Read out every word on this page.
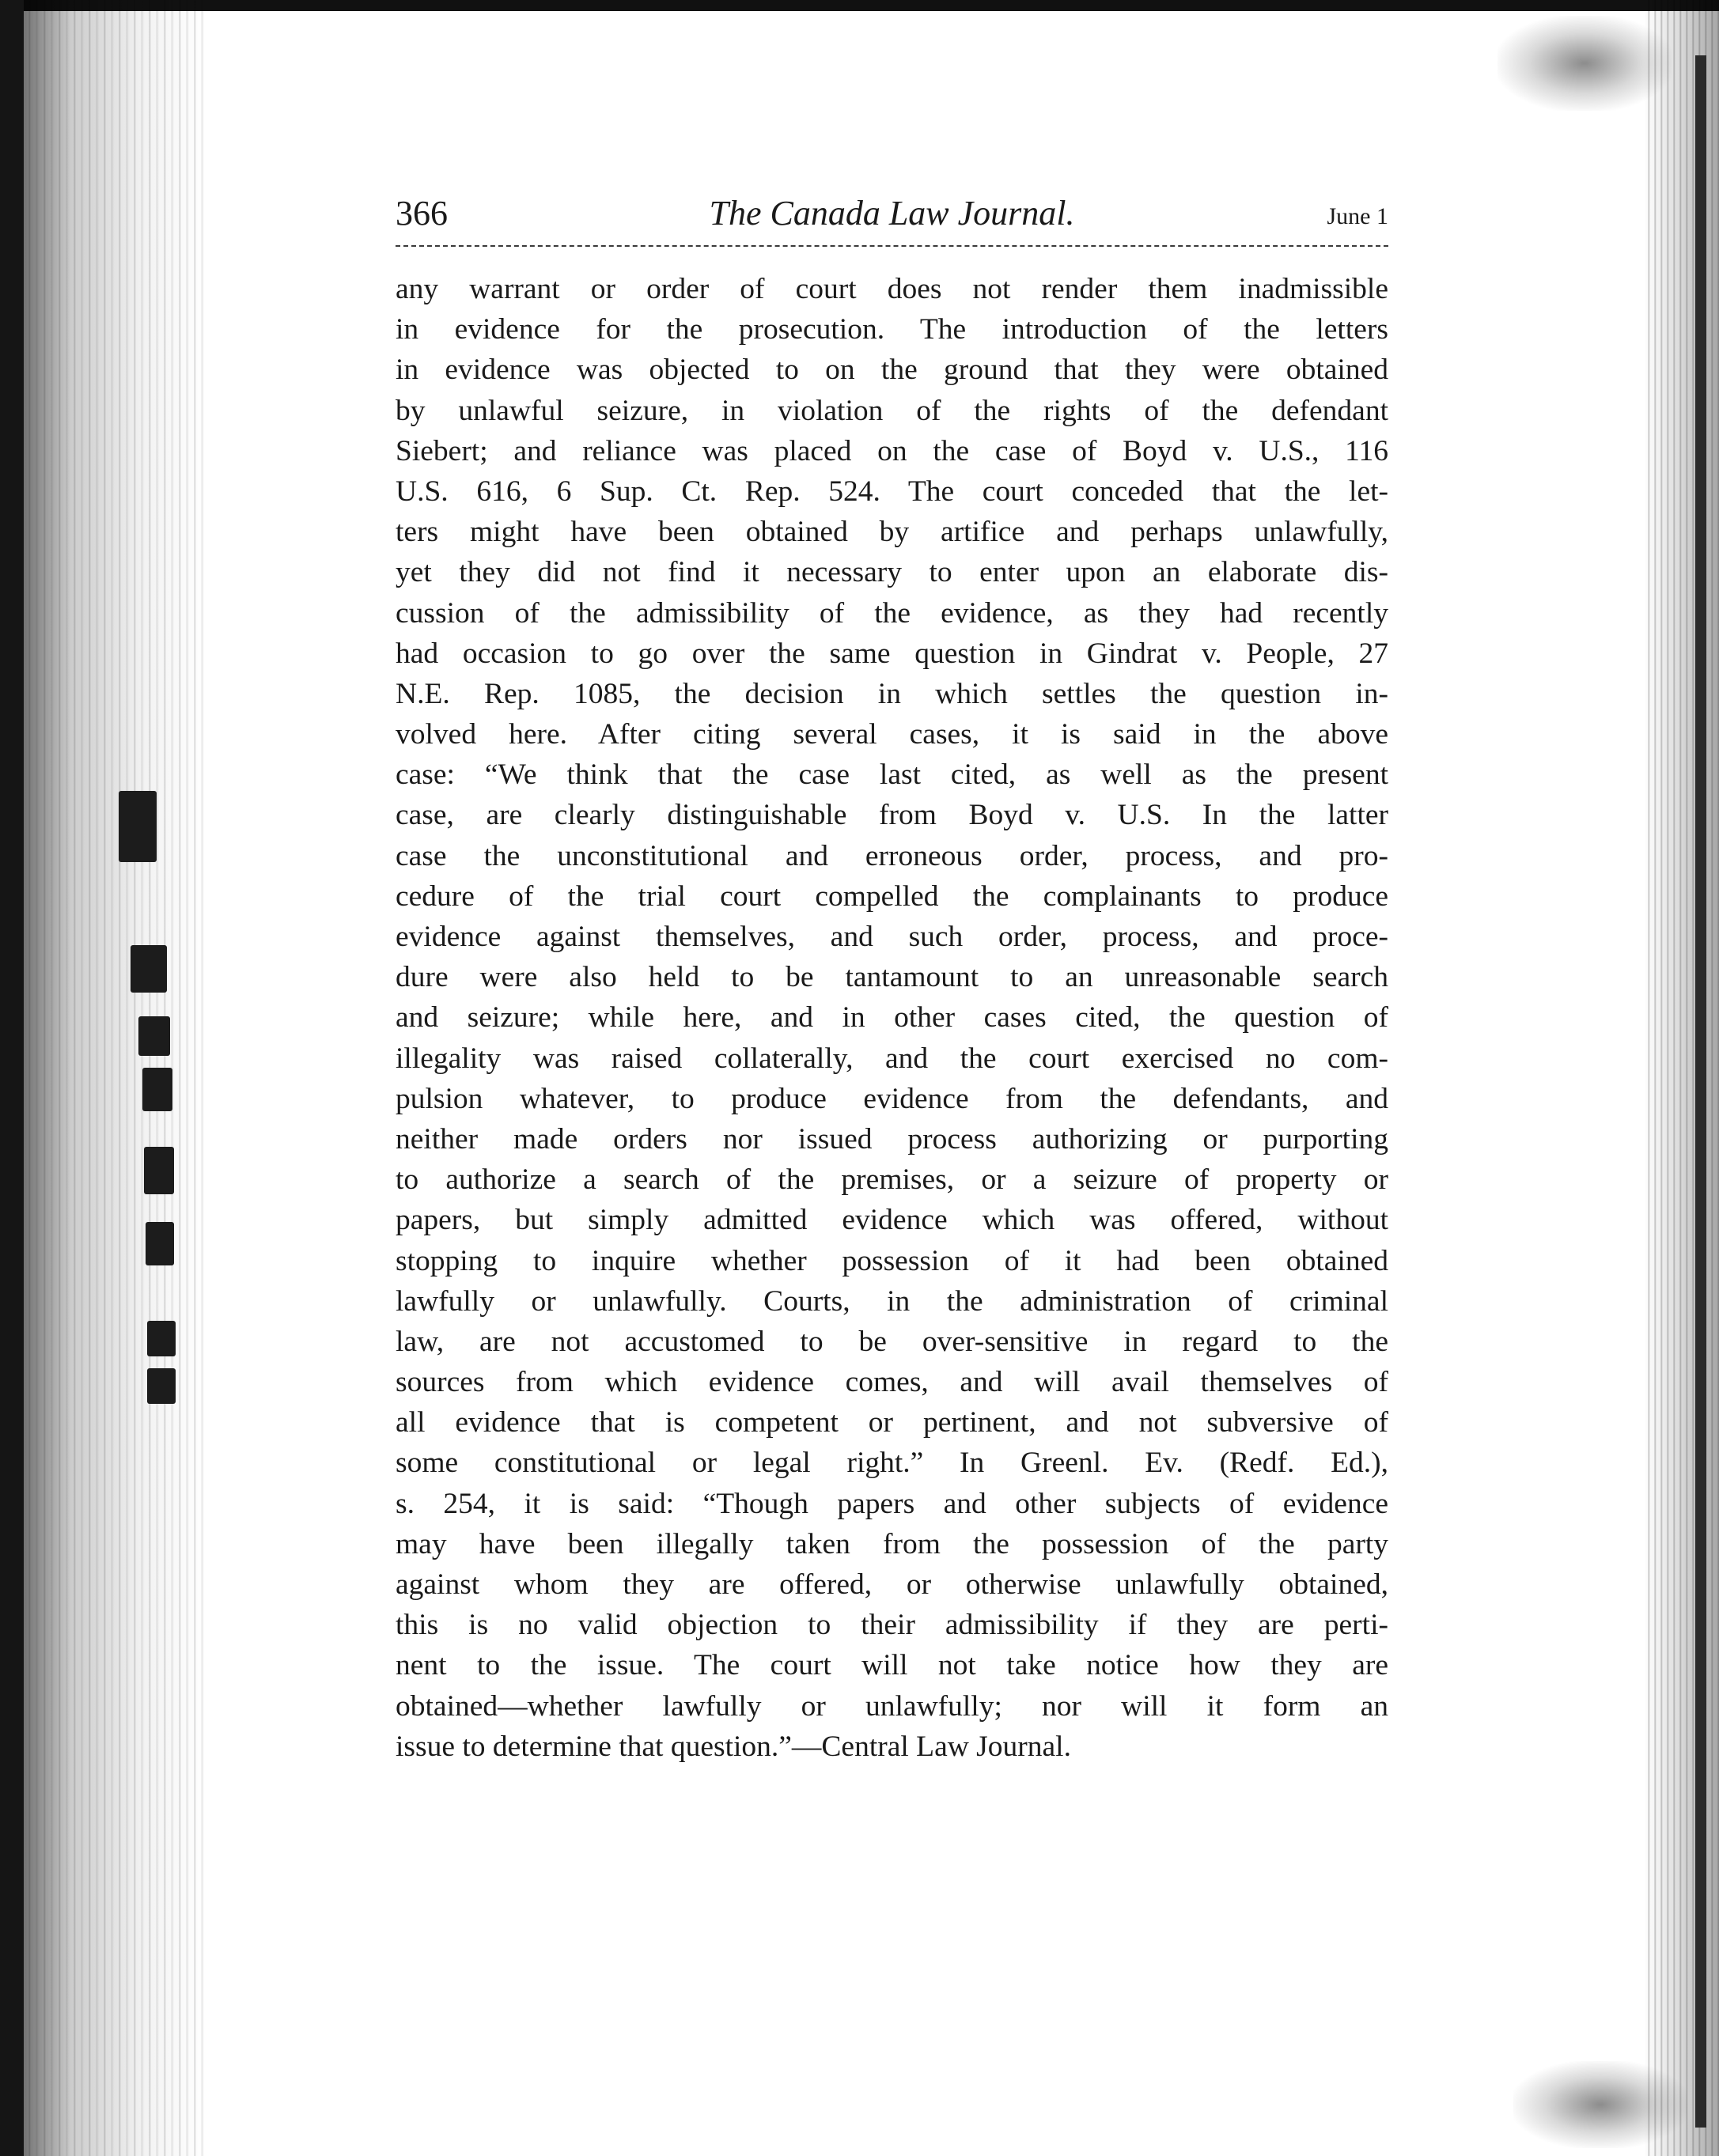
366	The Canada Law Journal.	June 1
any warrant or order of court does not render them inadmissible
in evidence for the prosecution. The introduction of the letters
in evidence was objected to on the ground that they were obtained
by unlawful seizure, in violation of the rights of the defendant
Siebert; and reliance was placed on the case of Boyd v. U.S., 116
U.S. 616, 6 Sup. Ct. Rep. 524. The court conceded that the let-
ters might have been obtained by artifice and perhaps unlawfully,
yet they did not find it necessary to enter upon an elaborate dis-
cussion of the admissibility of the evidence, as they had recently
had occasion to go over the same question in Gindrat v. People, 27
N.E. Rep. 1085, the decision in which settles the question in-
volved here. After citing several cases, it is said in the above
case: “We think that the case last cited, as well as the present
case, are clearly distinguishable from Boyd v. U.S. In the latter
case the unconstitutional and erroneous order, process, and pro-
cedure of the trial court compelled the complainants to produce
evidence against themselves, and such order, process, and proce-
dure were also held to be tantamount to an unreasonable search
and seizure; while here, and in other cases cited, the question of
illegality was raised collaterally, and the court exercised no com-
pulsion whatever, to produce evidence from the defendants, and
neither made orders nor issued process authorizing or purporting
to authorize a search of the premises, or a seizure of property or
papers, but simply admitted evidence which was offered, without
stopping to inquire whether possession of it had been obtained
lawfully or unlawfully. Courts, in the administration of criminal
law, are not accustomed to be over-sensitive in regard to the
sources from which evidence comes, and will avail themselves of
all evidence that is competent or pertinent, and not subversive of
some constitutional or legal right.” In Greenl. Ev. (Redf. Ed.),
s. 254, it is said: “Though papers and other subjects of evidence
may have been illegally taken from the possession of the party
against whom they are offered, or otherwise unlawfully obtained,
this is no valid objection to their admissibility if they are perti-
nent to the issue. The court will not take notice how they are
obtained—whether lawfully or unlawfully; nor will it form an
issue to determine that question.”—Central Law Journal.
